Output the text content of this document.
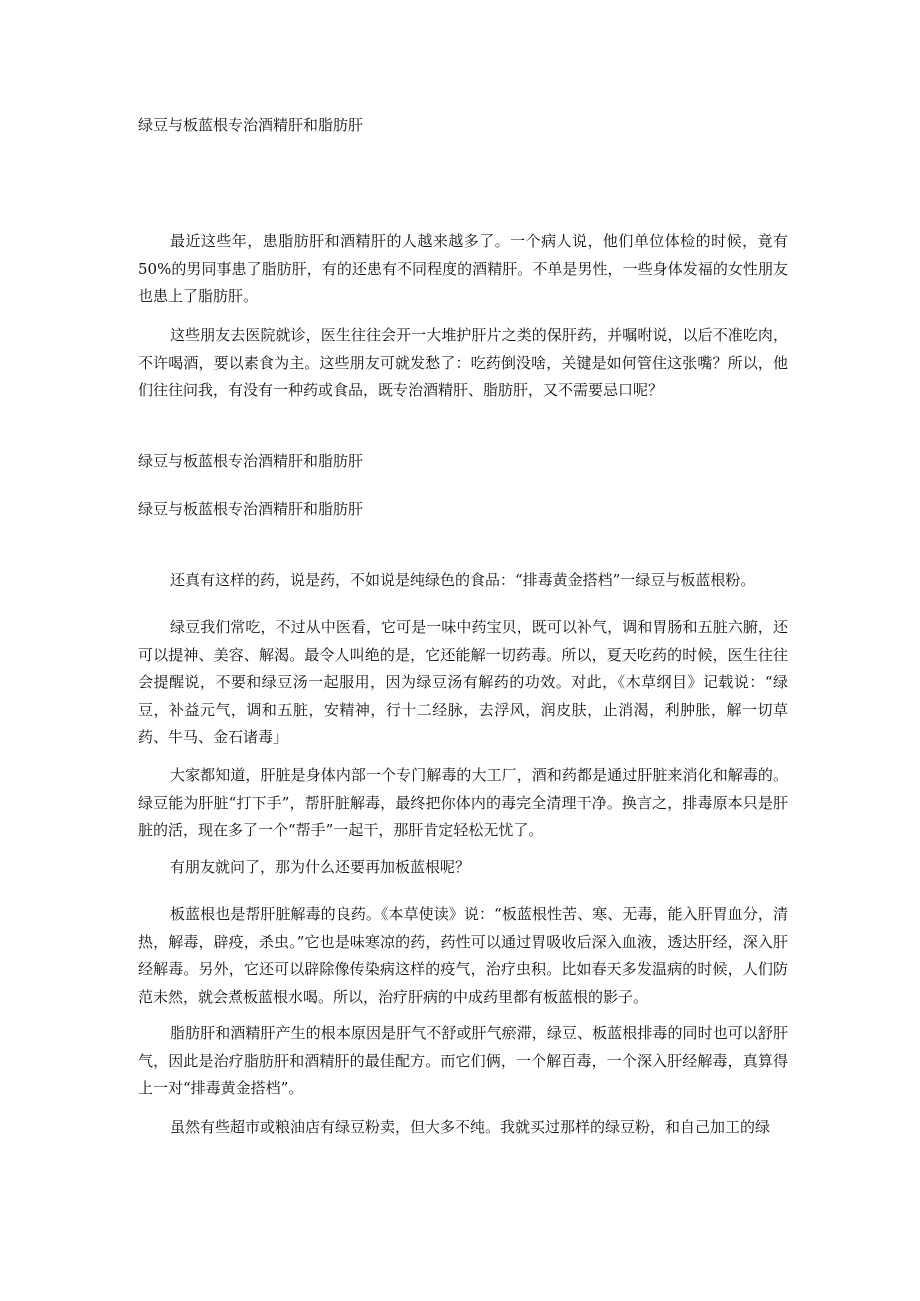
绿豆与板蓝根专治酒精肝和脂肪肝

最近这些年，患脂肪肝和酒精肝的人越来越多了。一个病人说，他们单位体检的时候，竟有50%的男同事患了脂肪肝，有的还患有不同程度的酒精肝。不单是男性，一些身体发福的女性朋友也患上了脂肪肝。

这些朋友去医院就诊，医生往往会开一大堆护肝片之类的保肝药，并嘱咐说，以后不准吃肉，不许喝酒，要以素食为主。这些朋友可就发愁了：吃药倒没啥，关键是如何管住这张嘴？所以，他们往往问我，有没有一种药或食品，既专治酒精肝、脂肪肝，又不需要忌口呢？

绿豆与板蓝根专治酒精肝和脂肪肝
绿豆与板蓝根专治酒精肝和脂肪肝

还真有这样的药，说是药，不如说是纯绿色的食品：“排毒黄金搭档”一绿豆与板蓝根粉。

绿豆我们常吃，不过从中医看，它可是一味中药宝贝，既可以补气，调和胃肠和五脏六腑，还可以提神、美容、解渴。最令人叫绝的是，它还能解一切药毒。所以，夏天吃药的时候，医生往往会提醒说，不要和绿豆汤一起服用，因为绿豆汤有解药的功效。对此，《木草纲目》记载说：“绿豆，补益元气，调和五脏，安精神，行十二经脉，去浮风，润皮肤，止消渴，利肿胀，解一切草药、牛马、金石诸毒」

大家都知道，肝脏是身体内部一个专门解毒的大工厂，酒和药都是通过肝脏来消化和解毒的。绿豆能为肝脏“打下手”，帮肝脏解毒，最终把你体内的毒完全清理干净。换言之，排毒原本只是肝脏的活，现在多了一个“帮手”一起干，那肝肯定轻松无忧了。

有朋友就问了，那为什么还要再加板蓝根呢？

板蓝根也是帮肝脏解毒的良药。《本草使读》说：“板蓝根性苦、寒、无毒，能入肝胃血分，清热，解毒，辟疫，杀虫。”它也是味寒凉的药，药性可以通过胃吸收后深入血液，透达肝经，深入肝经解毒。另外，它还可以辟除像传染病这样的疫气，治疗虫积。比如春天多发温病的时候，人们防范未然，就会煮板蓝根水喝。所以，治疗肝病的中成药里都有板蓝根的影子。

脂肪肝和酒精肝产生的根本原因是肝气不舒或肝气瘀滞，绿豆、板蓝根排毒的同时也可以舒肝气，因此是治疗脂肪肝和酒精肝的最佳配方。而它们俩，一个解百毒，一个深入肝经解毒，真算得上一对“排毒黄金搭档”。

虽然有些超市或粮油店有绿豆粉卖，但大多不纯。我就买过那样的绿豆粉，和自己加工的绿
